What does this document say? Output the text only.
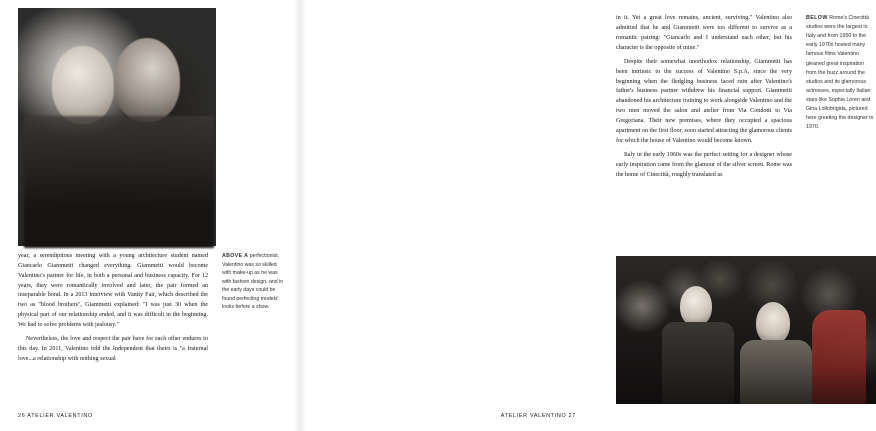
ABOVE A perfectionist, Valentino was so skilled with make-up as he was with fashion design, and in the early days could be found perfecting models' looks before a show.

year, a serendipitous meeting with a young architecture student named Giancarlo Giammetti changed everything. Giammetti would become Valentino's partner for life, in both a personal and business capacity. For 12 years, they were romantically involved and later, the pair formed an inseparable bond. In a 2013 interview with Vanity Fair, which described the two as "blood brothers", Giammetti explained: "I was just 30 when the physical part of our relationship ended, and it was difficult in the beginning. We had to solve problems with jealousy."

Nevertheless, the love and respect the pair have for each other endures to this day. In 2011, Valentino told the Independent that theirs is "a fraternal love...a relationship with nothing sexual

26 ATELIER VALENTINO

in it. Yet a great love remains, ancient, surviving." Valentino also admitted that he and Giammetti were too different to survive as a romantic pairing: "Giancarlo and I understand each other, but his character is the opposite of mine."

Despite their somewhat unorthodox relationship, Giammetti has been intrinsic to the success of Valentino S.p.A, since the very beginning when the fledgling business faced ruin after Valentino's father's business partner withdrew his financial support. Giammetti abandoned his architecture training to work alongside Valentino and the two men moved the salon and atelier from Via Condotti to Via Gregoriana. Their new premises, where they occupied a spacious apartment on the first floor, soon started attracting the glamorous clients for which the house of Valentino would become known.

Italy in the early 1960s was the perfect setting for a designer whose early inspiration came from the glamour of the silver screen. Rome was the home of Cinecittà, roughly translated as

BELOW Rome's Cinecittà studios were the largest in Italy and from 1950 to the early 1970s hosted many famous films Valentino gleaned great inspiration from the buzz around the studios and its glamorous actresses, especially Italian stars like Sophia Loren and Gina Lollobrigida, pictured here greeting the designer in 1970.
ATELIER VALENTINO 27
